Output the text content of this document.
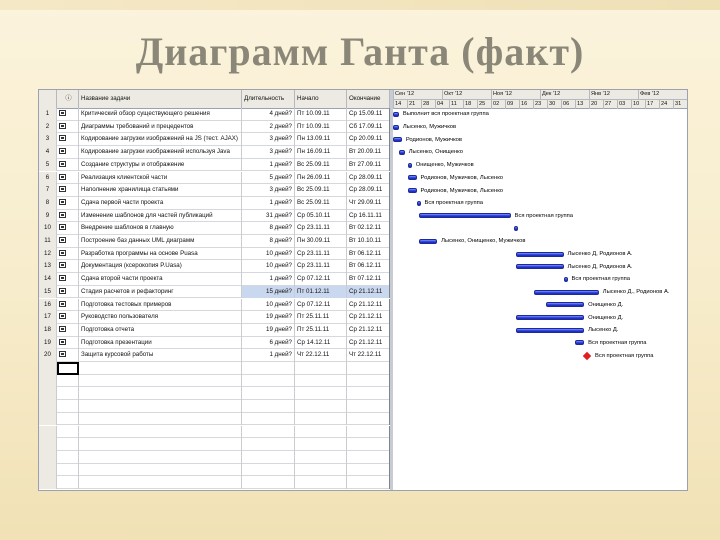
Диаграмм Ганта (факт)
ⓘ	Название задачи	Длительность	Начало	Окончание
Сен '12	Окт '12	Ноя '12	Дек '12	Янв '12	Фев '12
14	21	28	04	11	18	25	02	09	16	23	30	06	13	20	27	03	10	17	24	31
1	Критический обзор существующего решения	4 дней? Пт 10.09.11	Ср 15.09.11
2	Диаграммы требований и прецедентов	2 дней? Пт 10.09.11	Сб 17.09.11
3	Кодирование загрузки изображений на JS (тест. AJAX)	3 дней? Пн 13.09.11	Ср 20.09.11
4	Кодирование загрузки изображений используя Java	3 дней? Пн 16.09.11	Вт 20.09.11
5	Создание структуры и отображение	1 дней? Вс 25.09.11	Вт 27.09.11
6	Реализация клиентской части	5 дней? Пн 26.09.11	Ср 28.09.11
7	Наполнение хранилища статьями	3 дней? Вс 25.09.11	Ср 28.09.11
8	Сдача первой части проекта	1 дней? Вс 25.09.11	Чт 29.09.11
9	Изменение шаблонов для частей публикаций	31 дней? Ср 05.10.11	Ср 16.11.11
10	Внедрение шаблонов в главную	8 дней? Ср 23.11.11	Вт 02.12.11
11	Построение баз данных UML диаграмм	8 дней? Пн 30.09.11	Вт 10.10.11
12	Разработка программы на основе Puasa	10 дней? Ср 23.11.11	Вт 06.12.11
13	Документация (ксерокопия P.Uasa)	10 дней? Ср 23.11.11	Вт 06.12.11
14	Сдача второй части проекта	1 дней? Ср 07.12.11	Вт 07.12.11
15	Стадия расчетов и рефакторинг	15 дней? Пт 01.12.11	Ср 21.12.11
16	Подготовка тестовых примеров	10 дней? Ср 07.12.11	Ср 21.12.11
17	Руководство пользователя	19 дней? Пт 25.11.11	Ср 21.12.11
18	Подготовка отчета	19 дней? Пт 25.11.11	Ср 21.12.11
19	Подготовка презентации	6 дней? Ср 14.12.11	Ср 21.12.11
20	Защита курсовой работы	1 дней? Чт 22.12.11	Чт 22.12.11
Выполнит вся проектная группа
Лысенко, Мужичков
Родионов, Мужичков
Лысенко, Онищенко
Онищенко, Мужичков
Родионов, Мужичков, Лысенко
Родионов, Мужичков, Лысенко
Вся проектная группа
Вся проектная группа
Лысенко, Онищенко, Мужичков
Лысенко Д, Родионов А.
Лысенко Д, Родионов А.
Вся проектная группа
Лысенко Д., Родионов А.
Онищенко Д.
Онищенко Д.
Лысенко Д.
Вся проектная группа
Вся проектная группа
